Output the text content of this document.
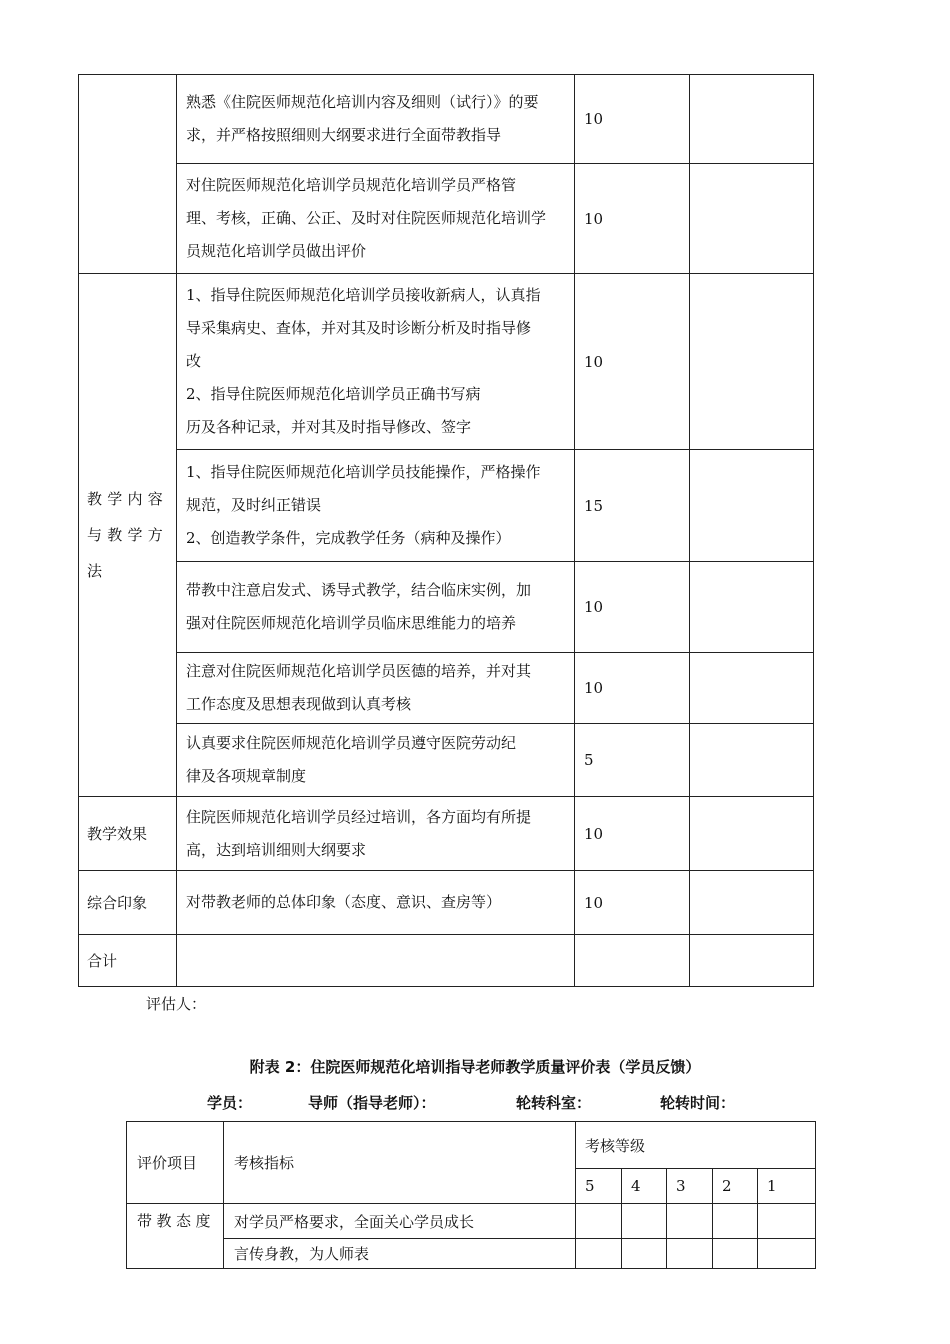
	熟悉《住院医师规范化培训内容及细则（试行）》的要
求，并严格按照细则大纲要求进行全面带教指导	10	

	对住院医师规范化培训学员规范化培训学员严格管
理、考核，正确、公正、及时对住院医师规范化培训学
员规范化培训学员做出评价	10	

教学内容
与教学方
法	1、指导住院医师规范化培训学员接收新病人，认真指
导采集病史、查体，并对其及时诊断分析及时指导修
改
2、指导住院医师规范化培训学员正确书写病
历及各种记录，并对其及时指导修改、签字	10	

	1、指导住院医师规范化培训学员技能操作，严格操作
规范，及时纠正错误
2、创造教学条件，完成教学任务（病种及操作）	15	

	带教中注意启发式、诱导式教学，结合临床实例，加
强对住院医师规范化培训学员临床思维能力的培养	10	

	注意对住院医师规范化培训学员医德的培养，并对其
工作态度及思想表现做到认真考核	10	

	认真要求住院医师规范化培训学员遵守医院劳动纪
律及各项规章制度	5	
教学效果	住院医师规范化培训学员经过培训，各方面均有所提
高，达到培训细则大纲要求	10	
综合印象	对带教老师的总体印象（态度、意识、查房等）	10	
合计			
评估人：
附表 2：住院医师规范化培训指导老师教学质量评价表（学员反馈）
学员：	导师（指导老师）：	轮转科室：	轮转时间：
评价项目	考核指标	考核等级				
		5	4	3	2	1
带教态度	对学员严格要求，全面关心学员成长					
	言传身教，为人师表					
